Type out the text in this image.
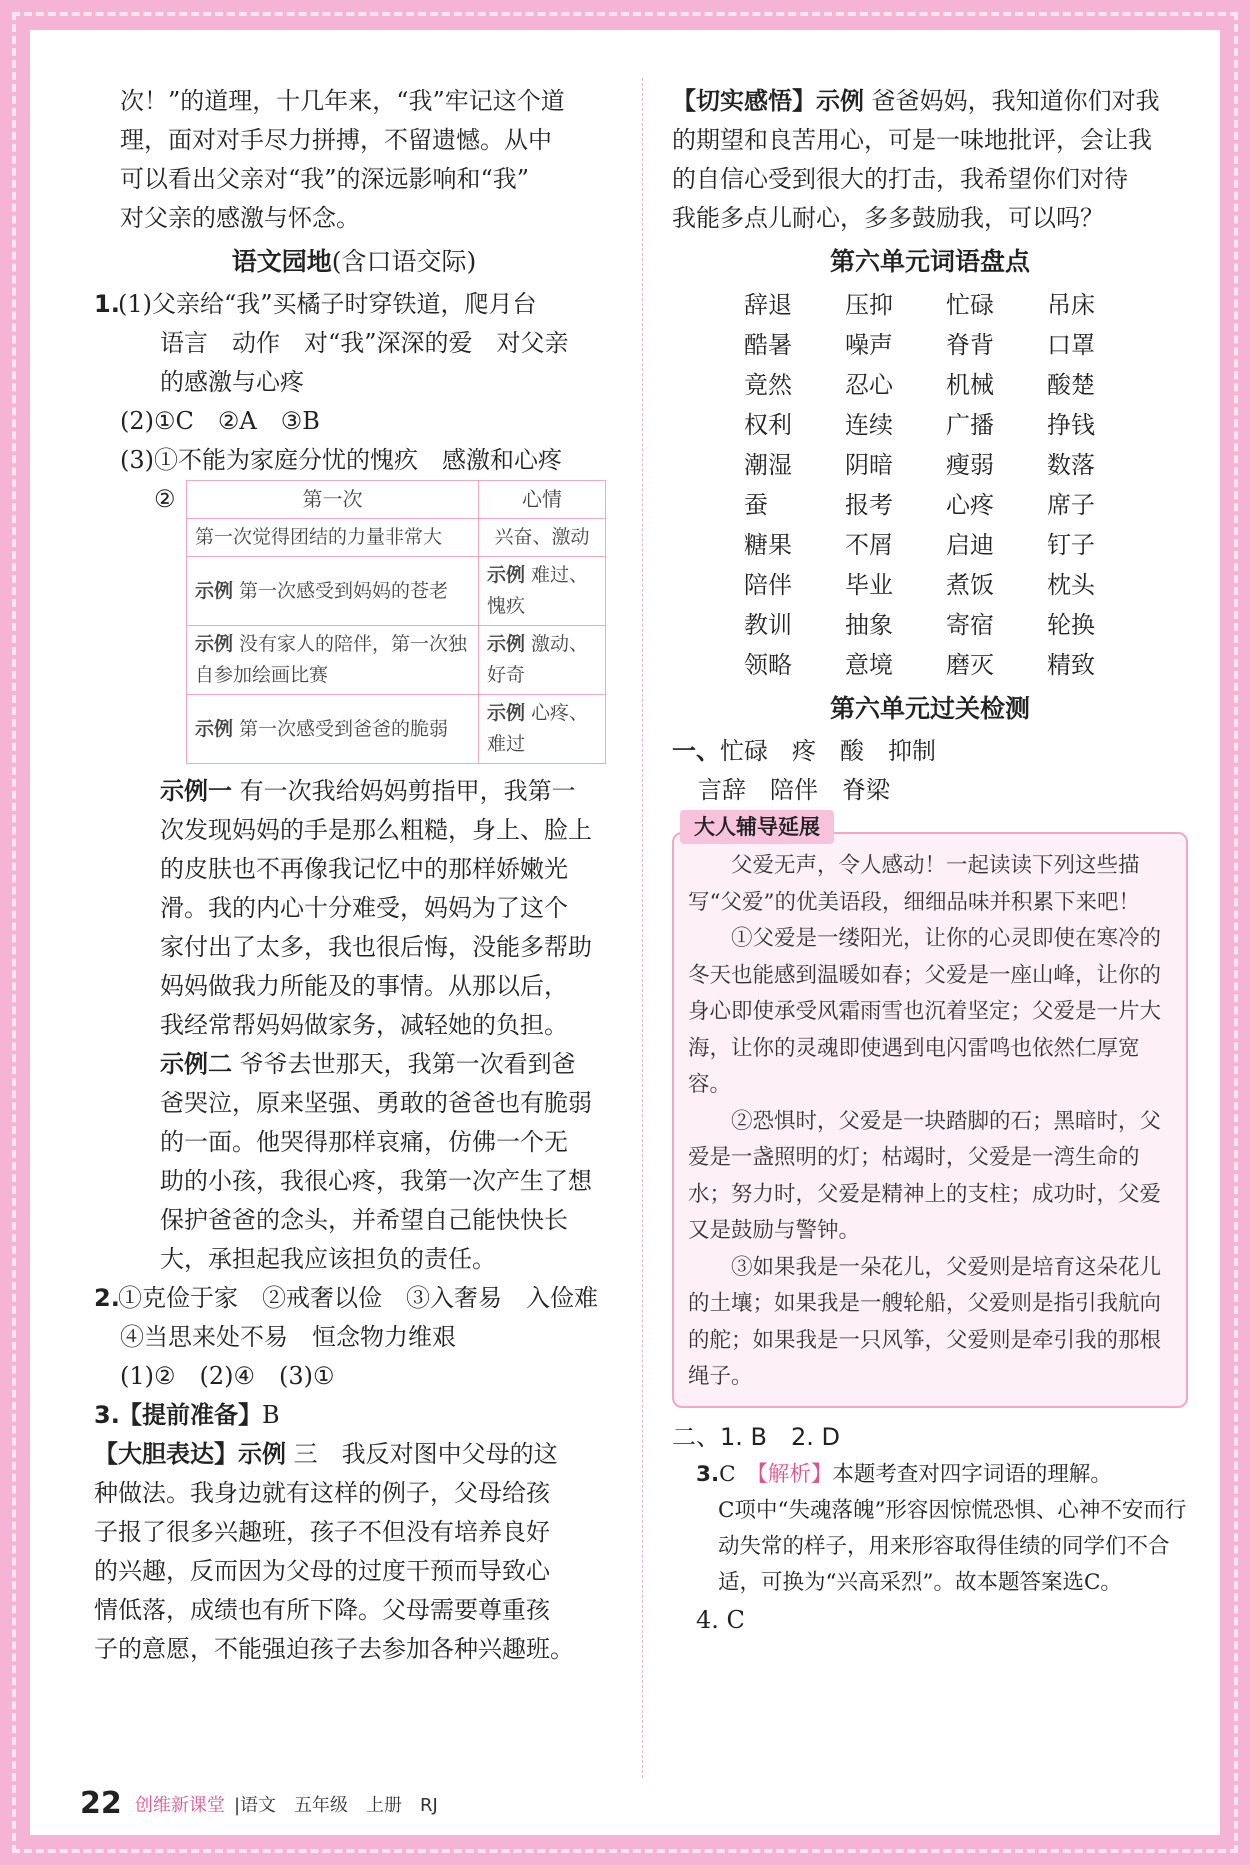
次！”的道理，十几年来，“我”牢记这个道

理，面对对手尽力拼搏，不留遗憾。从中

可以看出父亲对“我”的深远影响和“我”

对父亲的感激与怀念。

语文园地(含口语交际)

1.(1)父亲给“我”买橘子时穿铁道，爬月台

语言　动作　对“我”深深的爱　对父亲

的感激与心疼

(2)①C　②A　③B

(3)①不能为家庭分忧的愧疚　感激和心疼

②	第一次	心情
第一次觉得团结的力量非常大	兴奋、激动
示例 第一次感受到妈妈的苍老	示例 难过、愧疚
示例 没有家人的陪伴，第一次独自参加绘画比赛	示例 激动、好奇
示例 第一次感受到爸爸的脆弱	示例 心疼、难过

示例一 有一次我给妈妈剪指甲，我第一

次发现妈妈的手是那么粗糙，身上、脸上

的皮肤也不再像我记忆中的那样娇嫩光

滑。我的内心十分难受，妈妈为了这个

家付出了太多，我也很后悔，没能多帮助

妈妈做我力所能及的事情。从那以后，

我经常帮妈妈做家务，减轻她的负担。

示例二 爷爷去世那天，我第一次看到爸

爸哭泣，原来坚强、勇敢的爸爸也有脆弱

的一面。他哭得那样哀痛，仿佛一个无

助的小孩，我很心疼，我第一次产生了想

保护爸爸的念头，并希望自己能快快长

大，承担起我应该担负的责任。

2.①克俭于家　②戒奢以俭　③入奢易　入俭难

④当思来处不易　恒念物力维艰

(1)②　(2)④　(3)①

3.【提前准备】B

【大胆表达】示例 三　我反对图中父母的这

种做法。我身边就有这样的例子，父母给孩

子报了很多兴趣班，孩子不但没有培养良好

的兴趣，反而因为父母的过度干预而导致心

情低落，成绩也有所下降。父母需要尊重孩

子的意愿，不能强迫孩子去参加各种兴趣班。

【切实感悟】示例 爸爸妈妈，我知道你们对我

的期望和良苦用心，可是一味地批评，会让我

的自信心受到很大的打击，我希望你们对待

我能多点儿耐心，多多鼓励我，可以吗？

第六单元词语盘点
辞退	压抑	忙碌	吊床
酷暑	噪声	脊背	口罩
竟然	忍心	机械	酸楚
权利	连续	广播	挣钱
潮湿	阴暗	瘦弱	数落
蚕	报考	心疼	席子
糖果	不屑	启迪	钉子
陪伴	毕业	煮饭	枕头
教训	抽象	寄宿	轮换
领略	意境	磨灭	精致
第六单元过关检测

一、忙碌　疼　酸　抑制

言辞　陪伴　脊梁

大人辅导延展

父爱无声，令人感动！一起读读下列这些描写“父爱”的优美语段，细细品味并积累下来吧！

①父爱是一缕阳光，让你的心灵即使在寒冷的冬天也能感到温暖如春；父爱是一座山峰，让你的身心即使承受风霜雨雪也沉着坚定；父爱是一片大海，让你的灵魂即使遇到电闪雷鸣也依然仁厚宽容。

②恐惧时，父爱是一块踏脚的石；黑暗时，父爱是一盏照明的灯；枯竭时，父爱是一湾生命的水；努力时，父爱是精神上的支柱；成功时，父爱又是鼓励与警钟。

③如果我是一朵花儿，父爱则是培育这朵花儿的土壤；如果我是一艘轮船，父爱则是指引我航向的舵；如果我是一只风筝，父爱则是牵引我的那根绳子。

二、1. B　2. D

3.C　 【解析】本题考查对四字词语的理解。

C项中“失魂落魄”形容因惊慌恐惧、心神不安而行动失常的样子，用来形容取得佳绩的同学们不合适，可换为“兴高采烈”。故本题答案选C。

4. C

22 创维新课堂 |语文　五年级　上册　RJ
